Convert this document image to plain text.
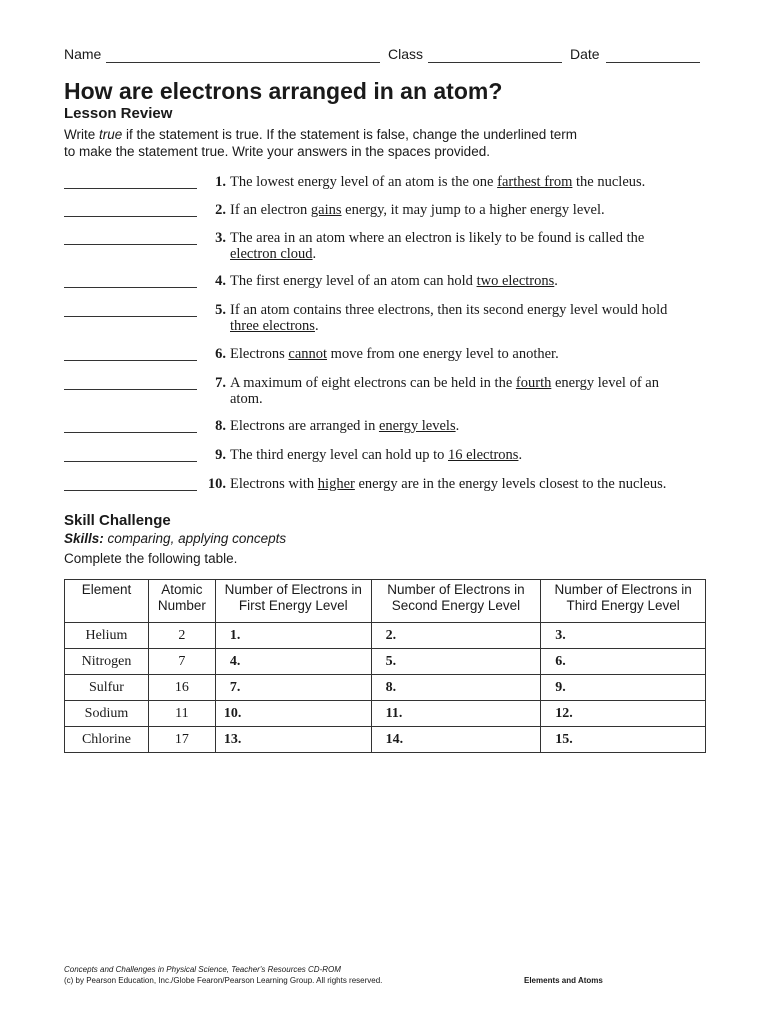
Name	Class	Date
How are electrons arranged in an atom?
Lesson Review
Write true if the statement is true. If the statement is false, change the underlined term to make the statement true. Write your answers in the spaces provided.
1. The lowest energy level of an atom is the one farthest from the nucleus.
2. If an electron gains energy, it may jump to a higher energy level.
3. The area in an atom where an electron is likely to be found is called the electron cloud.
4. The first energy level of an atom can hold two electrons.
5. If an atom contains three electrons, then its second energy level would hold three electrons.
6. Electrons cannot move from one energy level to another.
7. A maximum of eight electrons can be held in the fourth energy level of an atom.
8. Electrons are arranged in energy levels.
9. The third energy level can hold up to 16 electrons.
10. Electrons with higher energy are in the energy levels closest to the nucleus.
Skill Challenge
Skills: comparing, applying concepts
Complete the following table.
Element	Atomic Number	Number of Electrons in First Energy Level	Number of Electrons in Second Energy Level	Number of Electrons in Third Energy Level
Helium	2	1.	2.	3.
Nitrogen	7	4.	5.	6.
Sulfur	16	7.	8.	9.
Sodium	11	10.	11.	12.
Chlorine	17	13.	14.	15.
Concepts and Challenges in Physical Science, Teacher's Resources CD-ROM
(c) by Pearson Education, Inc./Globe Fearon/Pearson Learning Group. All rights reserved.	Elements and Atoms
